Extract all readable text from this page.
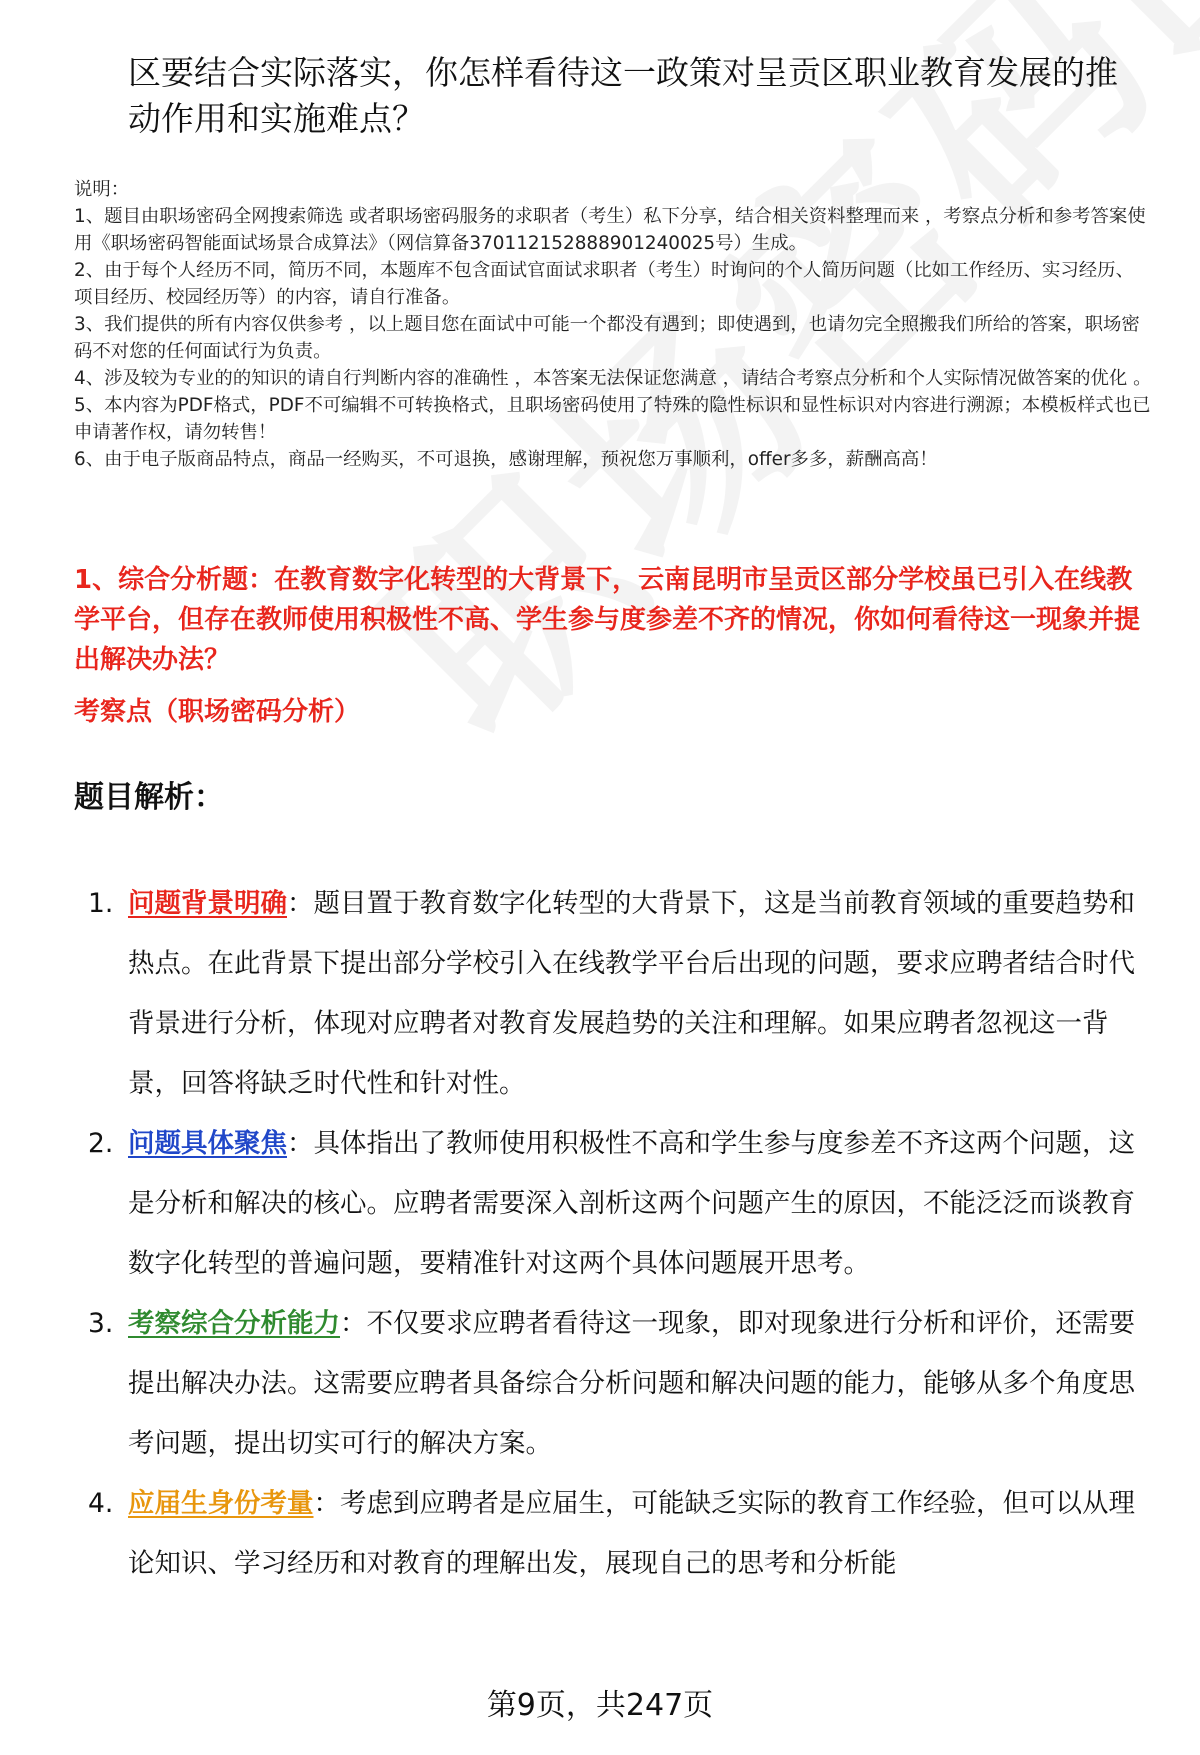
区要结合实际落实，你怎样看待这一政策对呈贡区职业教育发展的推动作用和实施难点？

说明：

1、题目由职场密码全网搜索筛选 或者职场密码服务的求职者（考生）私下分享，结合相关资料整理而来 ，考察点分析和参考答案使用《职场密码智能面试场景合成算法》（网信算备370112152888901240025号）生成。

2、由于每个人经历不同，简历不同，本题库不包含面试官面试求职者（考生）时询问的个人简历问题（比如工作经历、实习经历、项目经历、校园经历等）的内容，请自行准备。

3、我们提供的所有内容仅供参考 ，以上题目您在面试中可能一个都没有遇到；即使遇到，也请勿完全照搬我们所给的答案，职场密码不对您的任何面试行为负责。

4、涉及较为专业的的知识的请自行判断内容的准确性 ，本答案无法保证您满意 ，请结合考察点分析和个人实际情况做答案的优化 。

5、本内容为PDF格式，PDF不可编辑不可转换格式，且职场密码使用了特殊的隐性标识和显性标识对内容进行溯源；本模板样式也已申请著作权，请勿转售！

6、由于电子版商品特点，商品一经购买，不可退换，感谢理解，预祝您万事顺利，offer多多，薪酬高高！

1、综合分析题：在教育数字化转型的大背景下，云南昆明市呈贡区部分学校虽已引入在线教学平台，但存在教师使用积极性不高、学生参与度参差不齐的情况，你如何看待这一现象并提出解决办法？
考察点（职场密码分析）
题目解析：
1. 问题背景明确：题目置于教育数字化转型的大背景下，这是当前教育领域的重要趋势和热点。在此背景下提出部分学校引入在线教学平台后出现的问题，要求应聘者结合时代背景进行分析，体现对应聘者对教育发展趋势的关注和理解。如果应聘者忽视这一背景，回答将缺乏时代性和针对性。
2. 问题具体聚焦：具体指出了教师使用积极性不高和学生参与度参差不齐这两个问题，这是分析和解决的核心。应聘者需要深入剖析这两个问题产生的原因，不能泛泛而谈教育数字化转型的普遍问题，要精准针对这两个具体问题展开思考。
3. 考察综合分析能力：不仅要求应聘者看待这一现象，即对现象进行分析和评价，还需要提出解决办法。这需要应聘者具备综合分析问题和解决问题的能力，能够从多个角度思考问题，提出切实可行的解决方案。
4. 应届生身份考量：考虑到应聘者是应届生，可能缺乏实际的教育工作经验，但可以从理论知识、学习经历和对教育的理解出发，展现自己的思考和分析能
第9页，共247页
